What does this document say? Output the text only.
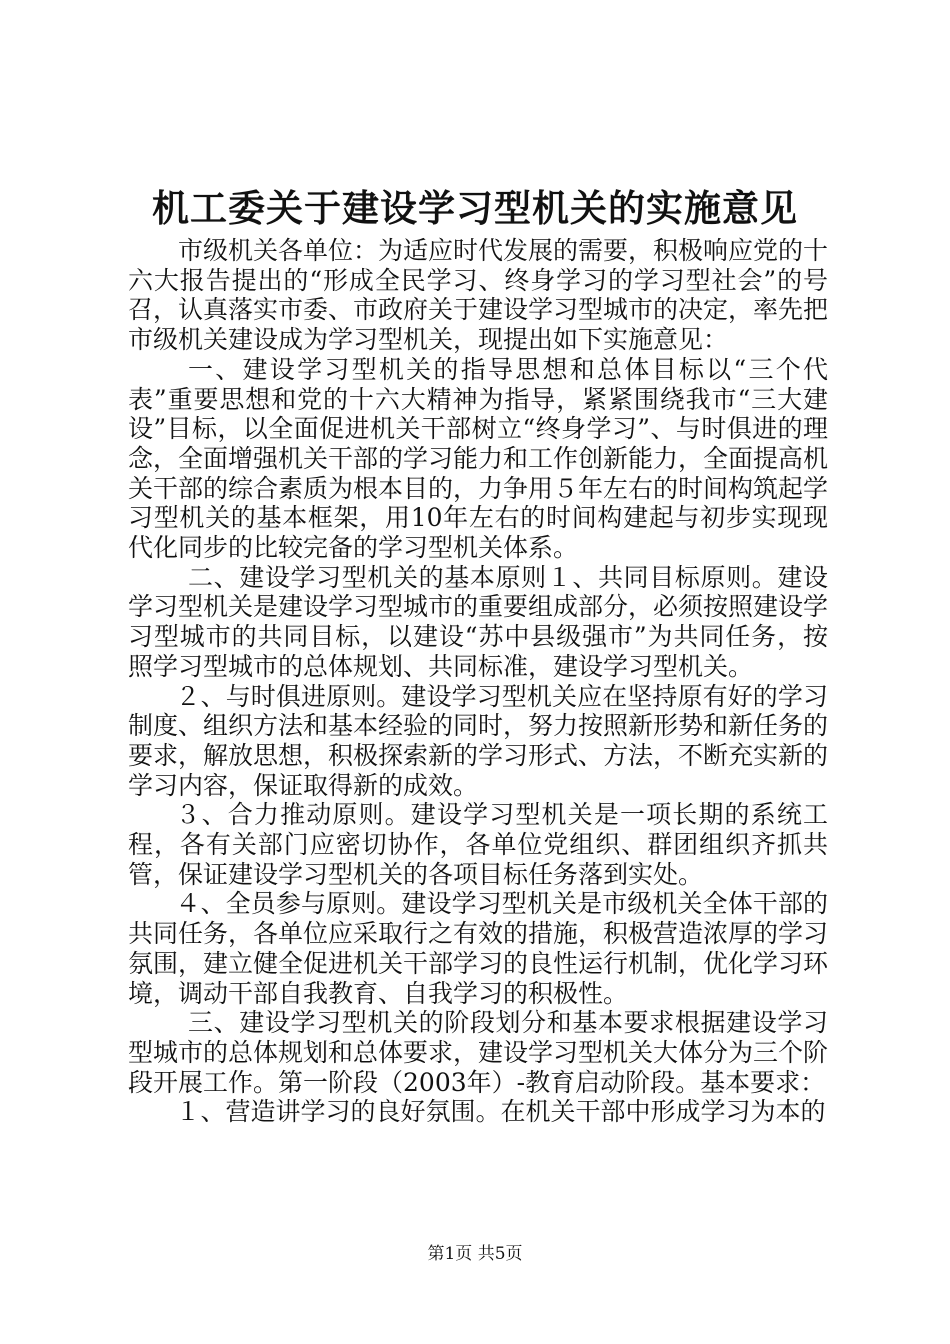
机工委关于建设学习型机关的实施意见

市级机关各单位：为适应时代发展的需要，积极响应党的十六大报告提出的“形成全民学习、终身学习的学习型社会”的号召，认真落实市委、市政府关于建设学习型城市的决定，率先把市级机关建设成为学习型机关，现提出如下实施意见：

一、建设学习型机关的指导思想和总体目标以“三个代表”重要思想和党的十六大精神为指导，紧紧围绕我市“三大建设”目标，以全面促进机关干部树立“终身学习”、与时俱进的理念，全面增强机关干部的学习能力和工作创新能力，全面提高机关干部的综合素质为根本目的，力争用５年左右的时间构筑起学习型机关的基本框架，用10年左右的时间构建起与初步实现现代化同步的比较完备的学习型机关体系。

二、建设学习型机关的基本原则１、共同目标原则。建设学习型机关是建设学习型城市的重要组成部分，必须按照建设学习型城市的共同目标，以建设“苏中县级强市”为共同任务，按照学习型城市的总体规划、共同标准，建设学习型机关。

２、与时俱进原则。建设学习型机关应在坚持原有好的学习制度、组织方法和基本经验的同时，努力按照新形势和新任务的要求，解放思想，积极探索新的学习形式、方法，不断充实新的学习内容，保证取得新的成效。

３、合力推动原则。建设学习型机关是一项长期的系统工程，各有关部门应密切协作，各单位党组织、群团组织齐抓共管，保证建设学习型机关的各项目标任务落到实处。

４、全员参与原则。建设学习型机关是市级机关全体干部的共同任务，各单位应采取行之有效的措施，积极营造浓厚的学习氛围，建立健全促进机关干部学习的良性运行机制，优化学习环境，调动干部自我教育、自我学习的积极性。

三、建设学习型机关的阶段划分和基本要求根据建设学习型城市的总体规划和总体要求，建设学习型机关大体分为三个阶段开展工作。第一阶段（2003年）-教育启动阶段。基本要求：

１、营造讲学习的良好氛围。在机关干部中形成学习为本的

第1页 共5页
